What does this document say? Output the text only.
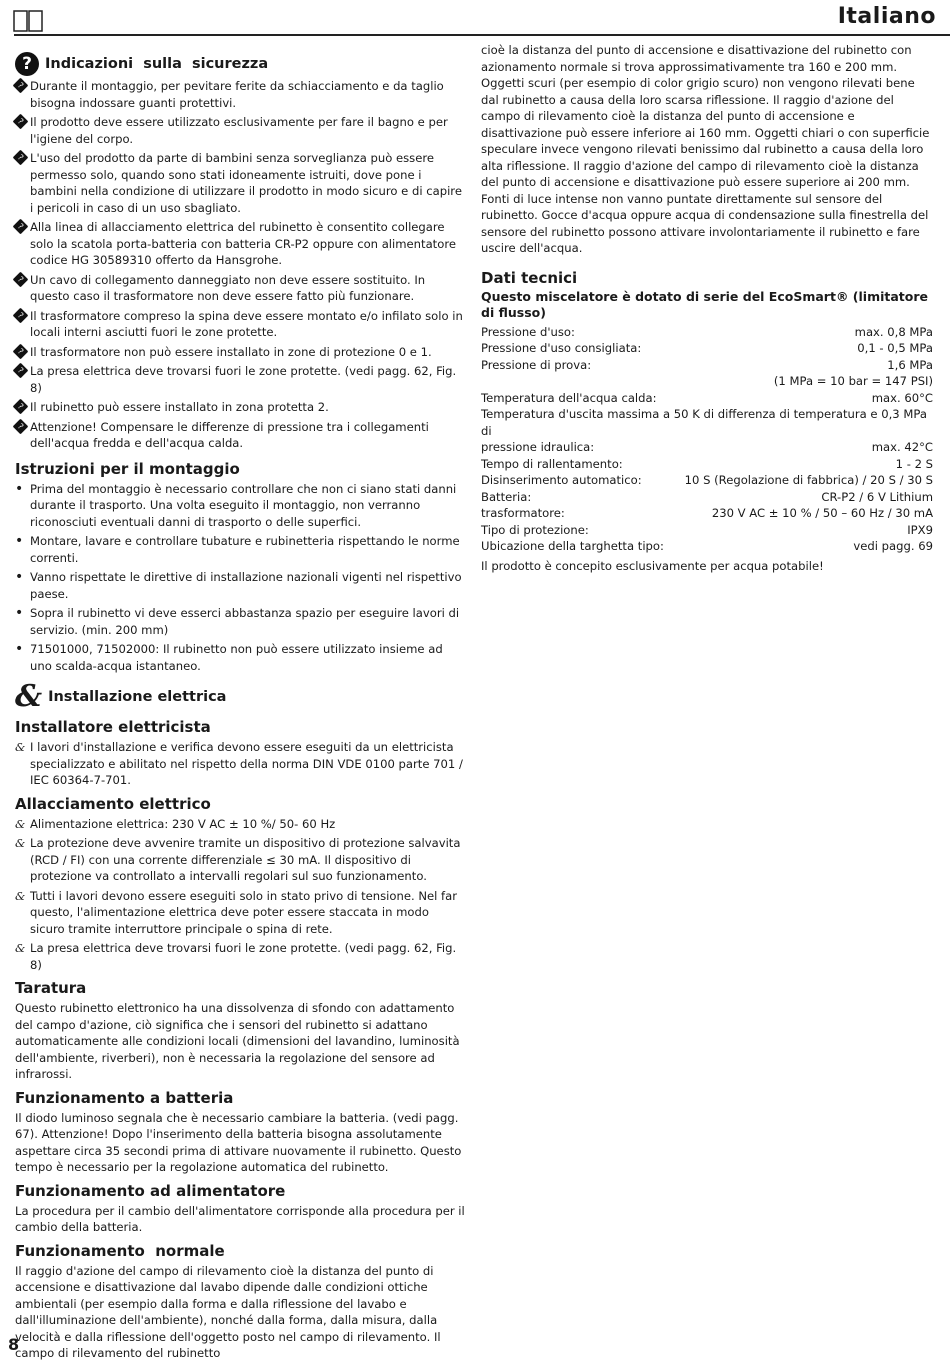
Italiano
? Indicazioni  sulla  sicurezza
?
Durante il montaggio, per pevitare ferite da schiacciamento e da taglio bisogna indossare guanti protettivi.
?
Il prodotto deve essere utilizzato esclusivamente per fare il bagno e per l'igiene del corpo.
?
L'uso del prodotto da parte di bambini senza sorveglianza può essere permesso solo, quando sono stati idoneamente istruiti, dove pone i bambini nella condizione di utilizzare il prodotto in modo sicuro e di capire i pericoli in caso di un uso sbagliato.
?
Alla linea di allacciamento elettrica del rubinetto è consentito collegare solo la scatola porta-batteria con batteria CR-P2 oppure con alimentatore codice HG 30589310 offerto da Hansgrohe.
?
Un cavo di collegamento danneggiato non deve essere sostituito. In questo caso il trasformatore non deve essere fatto più funzionare.
?
Il trasformatore compreso la spina deve essere montato e/o infilato solo in locali interni asciutti fuori le zone protette.
?
Il trasformatore non può essere installato in zone di protezione 0 e 1.
?
La presa elettrica deve trovarsi fuori le zone protette. (vedi pagg. 62, Fig. 8)
?
Il rubinetto può essere installato in zona protetta 2.
?
Attenzione! Compensare le differenze di pressione tra i collegamenti dell'acqua fredda e dell'acqua calda.
Istruzioni per il montaggio
• Prima del montaggio è necessario controllare che non ci siano stati danni durante il trasporto. Una volta eseguito il montaggio, non verranno riconosciuti eventuali danni di trasporto o delle superfici.
• Montare, lavare e controllare tubature e rubinetteria rispettando le norme correnti.
• Vanno rispettate le direttive di installazione nazionali vigenti nel rispettivo paese.
• Sopra il rubinetto vi deve esserci abbastanza spazio per eseguire lavori di servizio. (min. 200 mm)
• 71501000, 71502000: Il rubinetto non può essere utilizzato insieme ad uno scalda-acqua istantaneo.

cioè la distanza del punto di accensione e disattivazione del rubinetto con azionamento normale si trova approssimativamente tra 160 e 200 mm. Oggetti scuri (per esempio di color grigio scuro) non vengono rilevati bene dal rubinetto a causa della loro scarsa riflessione. Il raggio d'azione del campo di rilevamento cioè la distanza del punto di accensione e disattivazione può essere inferiore ai 160 mm. Oggetti chiari o con superficie speculare invece vengono rilevati benissimo dal rubinetto a causa della loro alta riflessione. Il raggio d'azione del campo di rilevamento cioè la distanza del punto di accensione e disattivazione può essere superiore ai 200 mm. Fonti di luce intense non vanno puntate direttamente sul sensore del rubinetto. Gocce d'acqua oppure acqua di condensazione sulla finestrella del sensore del rubinetto possono attivare involontariamente il rubinetto e fare uscire dell'acqua.

Dati tecnici

Questo miscelatore è dotato di serie del EcoSmart® (limitatore di flusso)

Pressione d'uso:	max. 0,8 MPa
Pressione d'uso consigliata:	0,1 - 0,5 MPa
Pressione di prova:	1,6 MPa
(1 MPa = 10 bar = 147 PSI)
Temperatura dell'acqua calda:	max. 60°C
Temperatura d'uscita massima a 50 K di differenza di temperatura e 0,3 MPa di
pressione idraulica:	max. 42°C
Tempo di rallentamento:	1 - 2 S
Disinserimento automatico:	10 S (Regolazione di fabbrica) / 20 S / 30 S
Batteria:	CR-P2 / 6 V Lithium
trasformatore:	230 V AC ± 10 % / 50 – 60 Hz / 30 mA
Tipo di protezione:	IPX9
Ubicazione della targhetta tipo:	vedi pagg. 69

Il prodotto è concepito esclusivamente per acqua potabile!

& Installazione elettrica
Installatore elettricista
& I lavori d'installazione e verifica devono essere eseguiti da un elettricista specializzato e abilitato nel rispetto della norma DIN VDE 0100 parte 701 / IEC 60364-7-701.
Allacciamento elettrico
& Alimentazione elettrica: 230 V AC ± 10 %/ 50- 60 Hz
& La protezione deve avvenire tramite un dispositivo di protezione salvavita (RCD / FI) con una corrente differenziale ≤ 30 mA. Il dispositivo di protezione va controllato a intervalli regolari sul suo funzionamento.
& Tutti i lavori devono essere eseguiti solo in stato privo di tensione. Nel far questo, l'alimentazione elettrica deve poter essere staccata in modo sicuro tramite interruttore principale o spina di rete.
& La presa elettrica deve trovarsi fuori le zone protette. (vedi pagg. 62, Fig. 8)
Taratura

Questo rubinetto elettronico ha una dissolvenza di sfondo con adattamento del campo d'azione, ciò significa che i sensori del rubinetto si adattano automaticamente alle condizioni locali (dimensioni del lavandino, luminosità dell'ambiente, riverberi), non è necessaria la regolazione del sensore ad infrarossi.

Funzionamento a batteria

Il diodo luminoso segnala che è necessario cambiare la batteria. (vedi pagg. 67). Attenzione! Dopo l'inserimento della batteria bisogna assolutamente aspettare circa 35 secondi prima di attivare nuovamente il rubinetto. Questo tempo è necessario per la regolazione automatica del rubinetto.

Funzionamento ad alimentatore

La procedura per il cambio dell'alimentatore corrisponde alla procedura per il cambio della batteria.

Funzionamento  normale

Il raggio d'azione del campo di rilevamento cioè la distanza del punto di accensione e disattivazione dal lavabo dipende dalle condizioni ottiche ambientali (per esempio dalla forma e dalla riflessione del lavabo e dall'illuminazione dell'ambiente), nonché dalla forma, dalla misura, dalla velocità e dalla riflessione dell'oggetto posto nel campo di rilevamento. Il campo di rilevamento del rubinetto

8
